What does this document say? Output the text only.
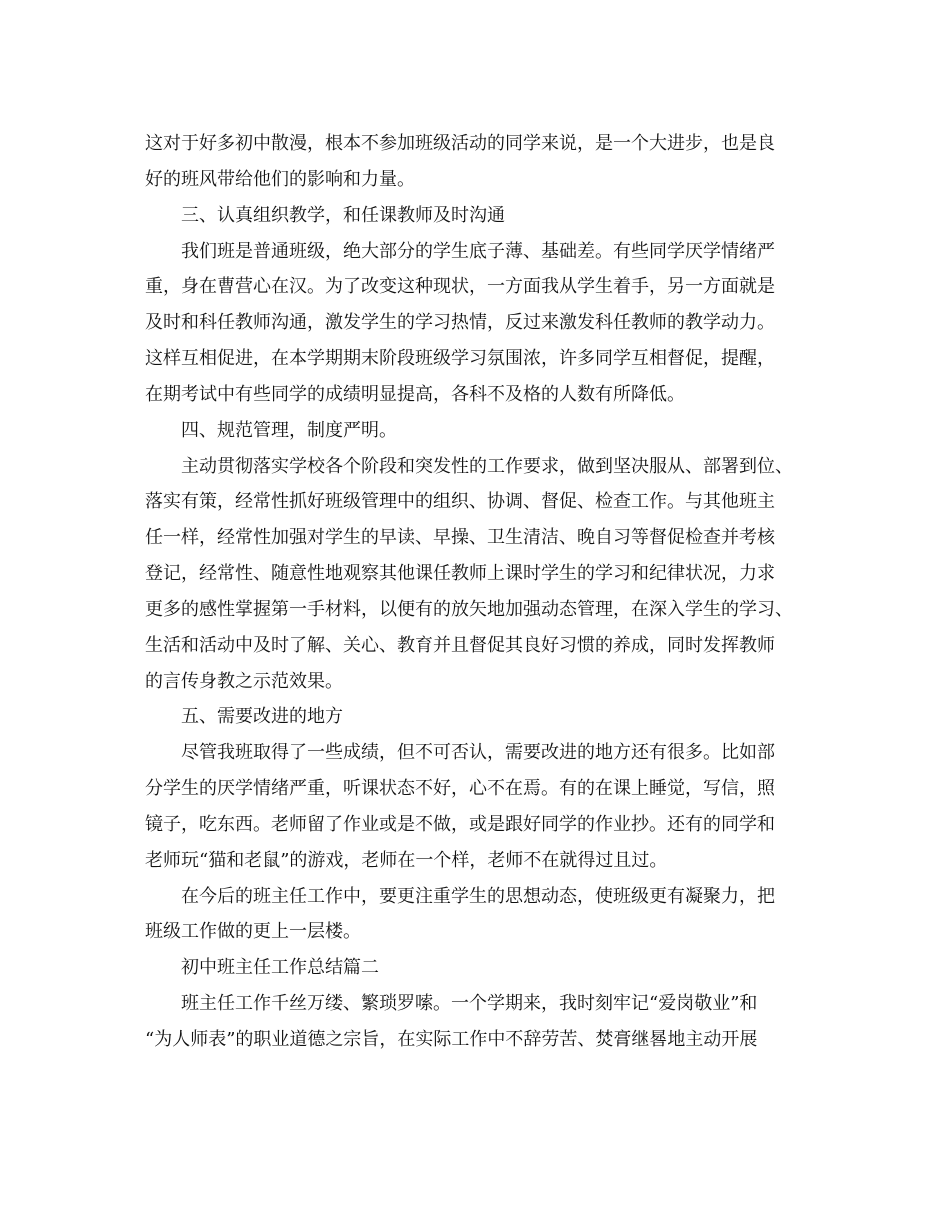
这对于好多初中散漫，根本不参加班级活动的同学来说，是一个大进步，也是良
好的班风带给他们的影响和力量。
三、认真组织教学，和任课教师及时沟通
我们班是普通班级，绝大部分的学生底子薄、基础差。有些同学厌学情绪严
重，身在曹营心在汉。为了改变这种现状，一方面我从学生着手，另一方面就是
及时和科任教师沟通，激发学生的学习热情，反过来激发科任教师的教学动力。
这样互相促进，在本学期期末阶段班级学习氛围浓，许多同学互相督促，提醒，
在期考试中有些同学的成绩明显提高，各科不及格的人数有所降低。
四、规范管理，制度严明。
主动贯彻落实学校各个阶段和突发性的工作要求，做到坚决服从、部署到位、
落实有策，经常性抓好班级管理中的组织、协调、督促、检查工作。与其他班主
任一样，经常性加强对学生的早读、早操、卫生清洁、晚自习等督促检查并考核
登记，经常性、随意性地观察其他课任教师上课时学生的学习和纪律状况，力求
更多的感性掌握第一手材料，以便有的放矢地加强动态管理，在深入学生的学习、
生活和活动中及时了解、关心、教育并且督促其良好习惯的养成，同时发挥教师
的言传身教之示范效果。
五、需要改进的地方
尽管我班取得了一些成绩，但不可否认，需要改进的地方还有很多。比如部
分学生的厌学情绪严重，听课状态不好，心不在焉。有的在课上睡觉，写信，照
镜子，吃东西。老师留了作业或是不做，或是跟好同学的作业抄。还有的同学和
老师玩“猫和老鼠”的游戏，老师在一个样，老师不在就得过且过。
在今后的班主任工作中，要更注重学生的思想动态，使班级更有凝聚力，把
班级工作做的更上一层楼。
初中班主任工作总结篇二
班主任工作千丝万缕、繁琐罗嗦。一个学期来，我时刻牢记“爱岗敬业”和
“为人师表”的职业道德之宗旨，在实际工作中不辞劳苦、焚膏继晷地主动开展
